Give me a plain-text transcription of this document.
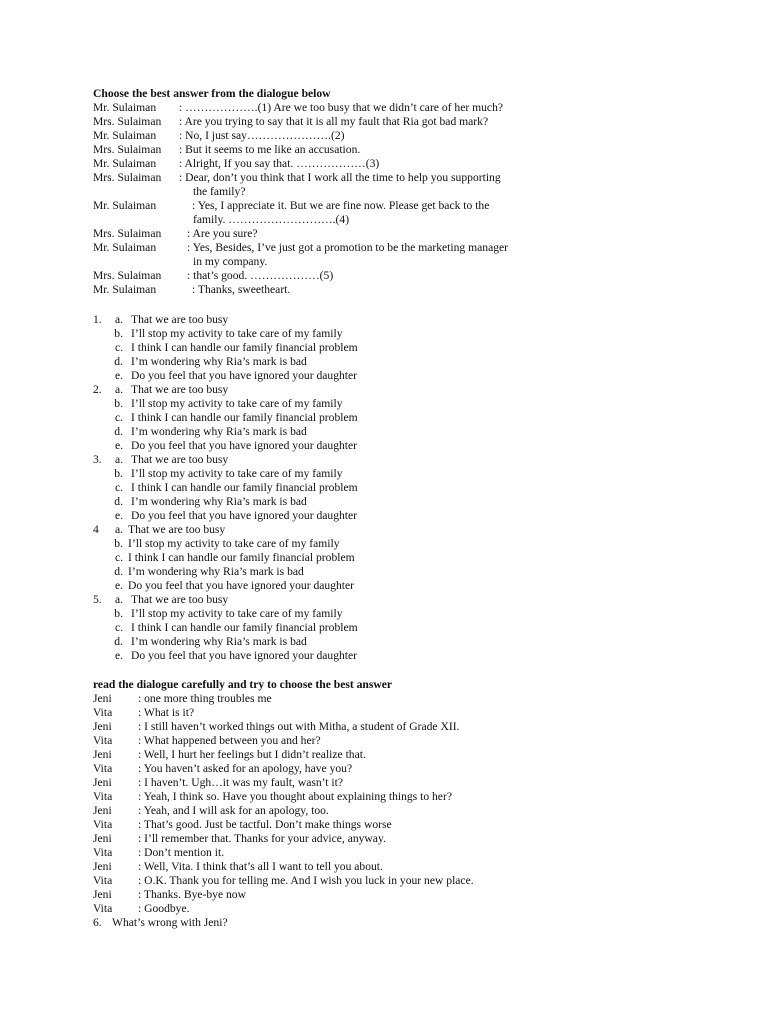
Choose the best answer from the dialogue below
Mr. Sulaiman : ……………….(1) Are we too busy that we didn’t care of her much?
Mrs. Sulaiman : Are you trying to say that it is all my fault that Ria got bad mark?
Mr. Sulaiman : No, I just say………………….(2)
Mrs. Sulaiman : But it seems to me like an accusation.
Mr. Sulaiman : Alright, If you say that. ………………(3)
Mrs. Sulaiman : Dear, don’t you think that I work all the time to help you supporting
the family?
Mr. Sulaiman	: Yes, I appreciate it. But we are fine now. Please get back to the
family. ……………………….(4)
Mrs. Sulaiman : Are you sure?
Mr. Sulaiman	: Yes, Besides, I’ve just got a promotion to be the marketing manager
in my company.
Mrs. Sulaiman : that’s good. ………………(5)
Mr. Sulaiman	: Thanks, sweetheart.
1. a. That we are too busy
b. I’ll stop my activity to take care of my family
c. I think I can handle our family financial problem
d. I’m wondering why Ria’s mark is bad
e. Do you feel that you have ignored your daughter
2. a. That we are too busy
b. I’ll stop my activity to take care of my family
c. I think I can handle our family financial problem
d. I’m wondering why Ria’s mark is bad
e. Do you feel that you have ignored your daughter
3. a. That we are too busy
b. I’ll stop my activity to take care of my family
c. I think I can handle our family financial problem
d. I’m wondering why Ria’s mark is bad
e. Do you feel that you have ignored your daughter
4 a. That we are too busy
b. I’ll stop my activity to take care of my family
c. I think I can handle our family financial problem
d. I’m wondering why Ria’s mark is bad
e. Do you feel that you have ignored your daughter
5. a. That we are too busy
b. I’ll stop my activity to take care of my family
c. I think I can handle our family financial problem
d. I’m wondering why Ria’s mark is bad
e. Do you feel that you have ignored your daughter
read the dialogue carefully and try to choose the best answer
Jeni : one more thing troubles me
Vita : What is it?
Jeni : I still haven’t worked things out with Mitha, a student of Grade XII.
Vita : What happened between you and her?
Jeni : Well, I hurt her feelings but I didn’t realize that.
Vita : You haven’t asked for an apology, have you?
Jeni : I haven’t. Ugh…it was my fault, wasn’t it?
Vita : Yeah, I think so. Have you thought about explaining things to her?
Jeni : Yeah, and I will ask for an apology, too.
Vita : That’s good. Just be tactful. Don’t make things worse
Jeni : I’ll remember that. Thanks for your advice, anyway.
Vita : Don’t mention it.
Jeni : Well, Vita. I think that’s all I want to tell you about.
Vita : O.K. Thank you for telling me. And I wish you luck in your new place.
Jeni : Thanks. Bye-bye now
Vita : Goodbye.
6. What’s wrong with Jeni?
